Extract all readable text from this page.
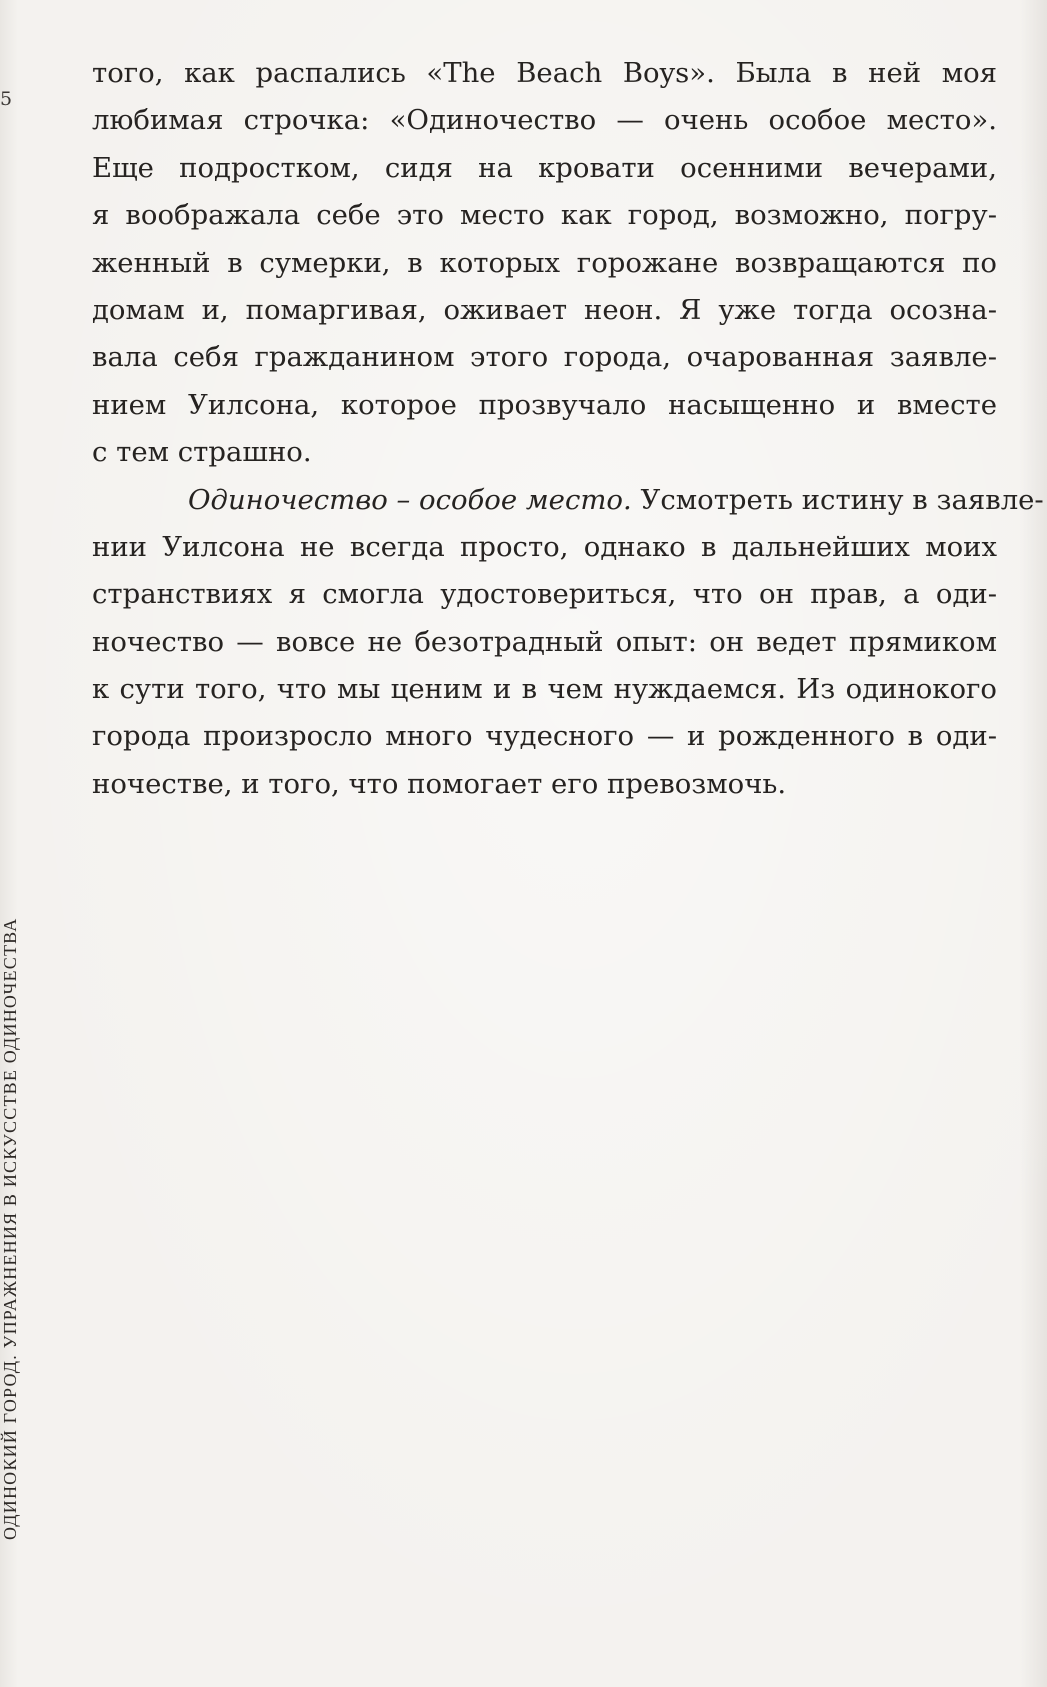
5
ОДИНОКИЙ ГОРОД. УПРАЖНЕНИЯ В ИСКУССТВЕ ОДИНОЧЕСТВА
того, как распались «The Beach Boys». Была в ней моя
любимая строчка: «Одиночество — очень особое место».
Еще подростком, сидя на кровати осенними вечерами,
я воображала себе это место как город, возможно, погру-
женный в сумерки, в которых горожане возвращаются по
домам и, помаргивая, оживает неон. Я уже тогда осозна-
вала себя гражданином этого города, очарованная заявле-
нием Уилсона, которое прозвучало насыщенно и вместе
с тем страшно.
Одиночество – особое место. Усмотреть истину в заявле-
нии Уилсона не всегда просто, однако в дальнейших моих
странствиях я смогла удостовериться, что он прав, а оди-
ночество — вовсе не безотрадный опыт: он ведет прямиком
к сути того, что мы ценим и в чем нуждаемся. Из одинокого
города произросло много чудесного — и рожденного в оди-
ночестве, и того, что помогает его превозмочь.
